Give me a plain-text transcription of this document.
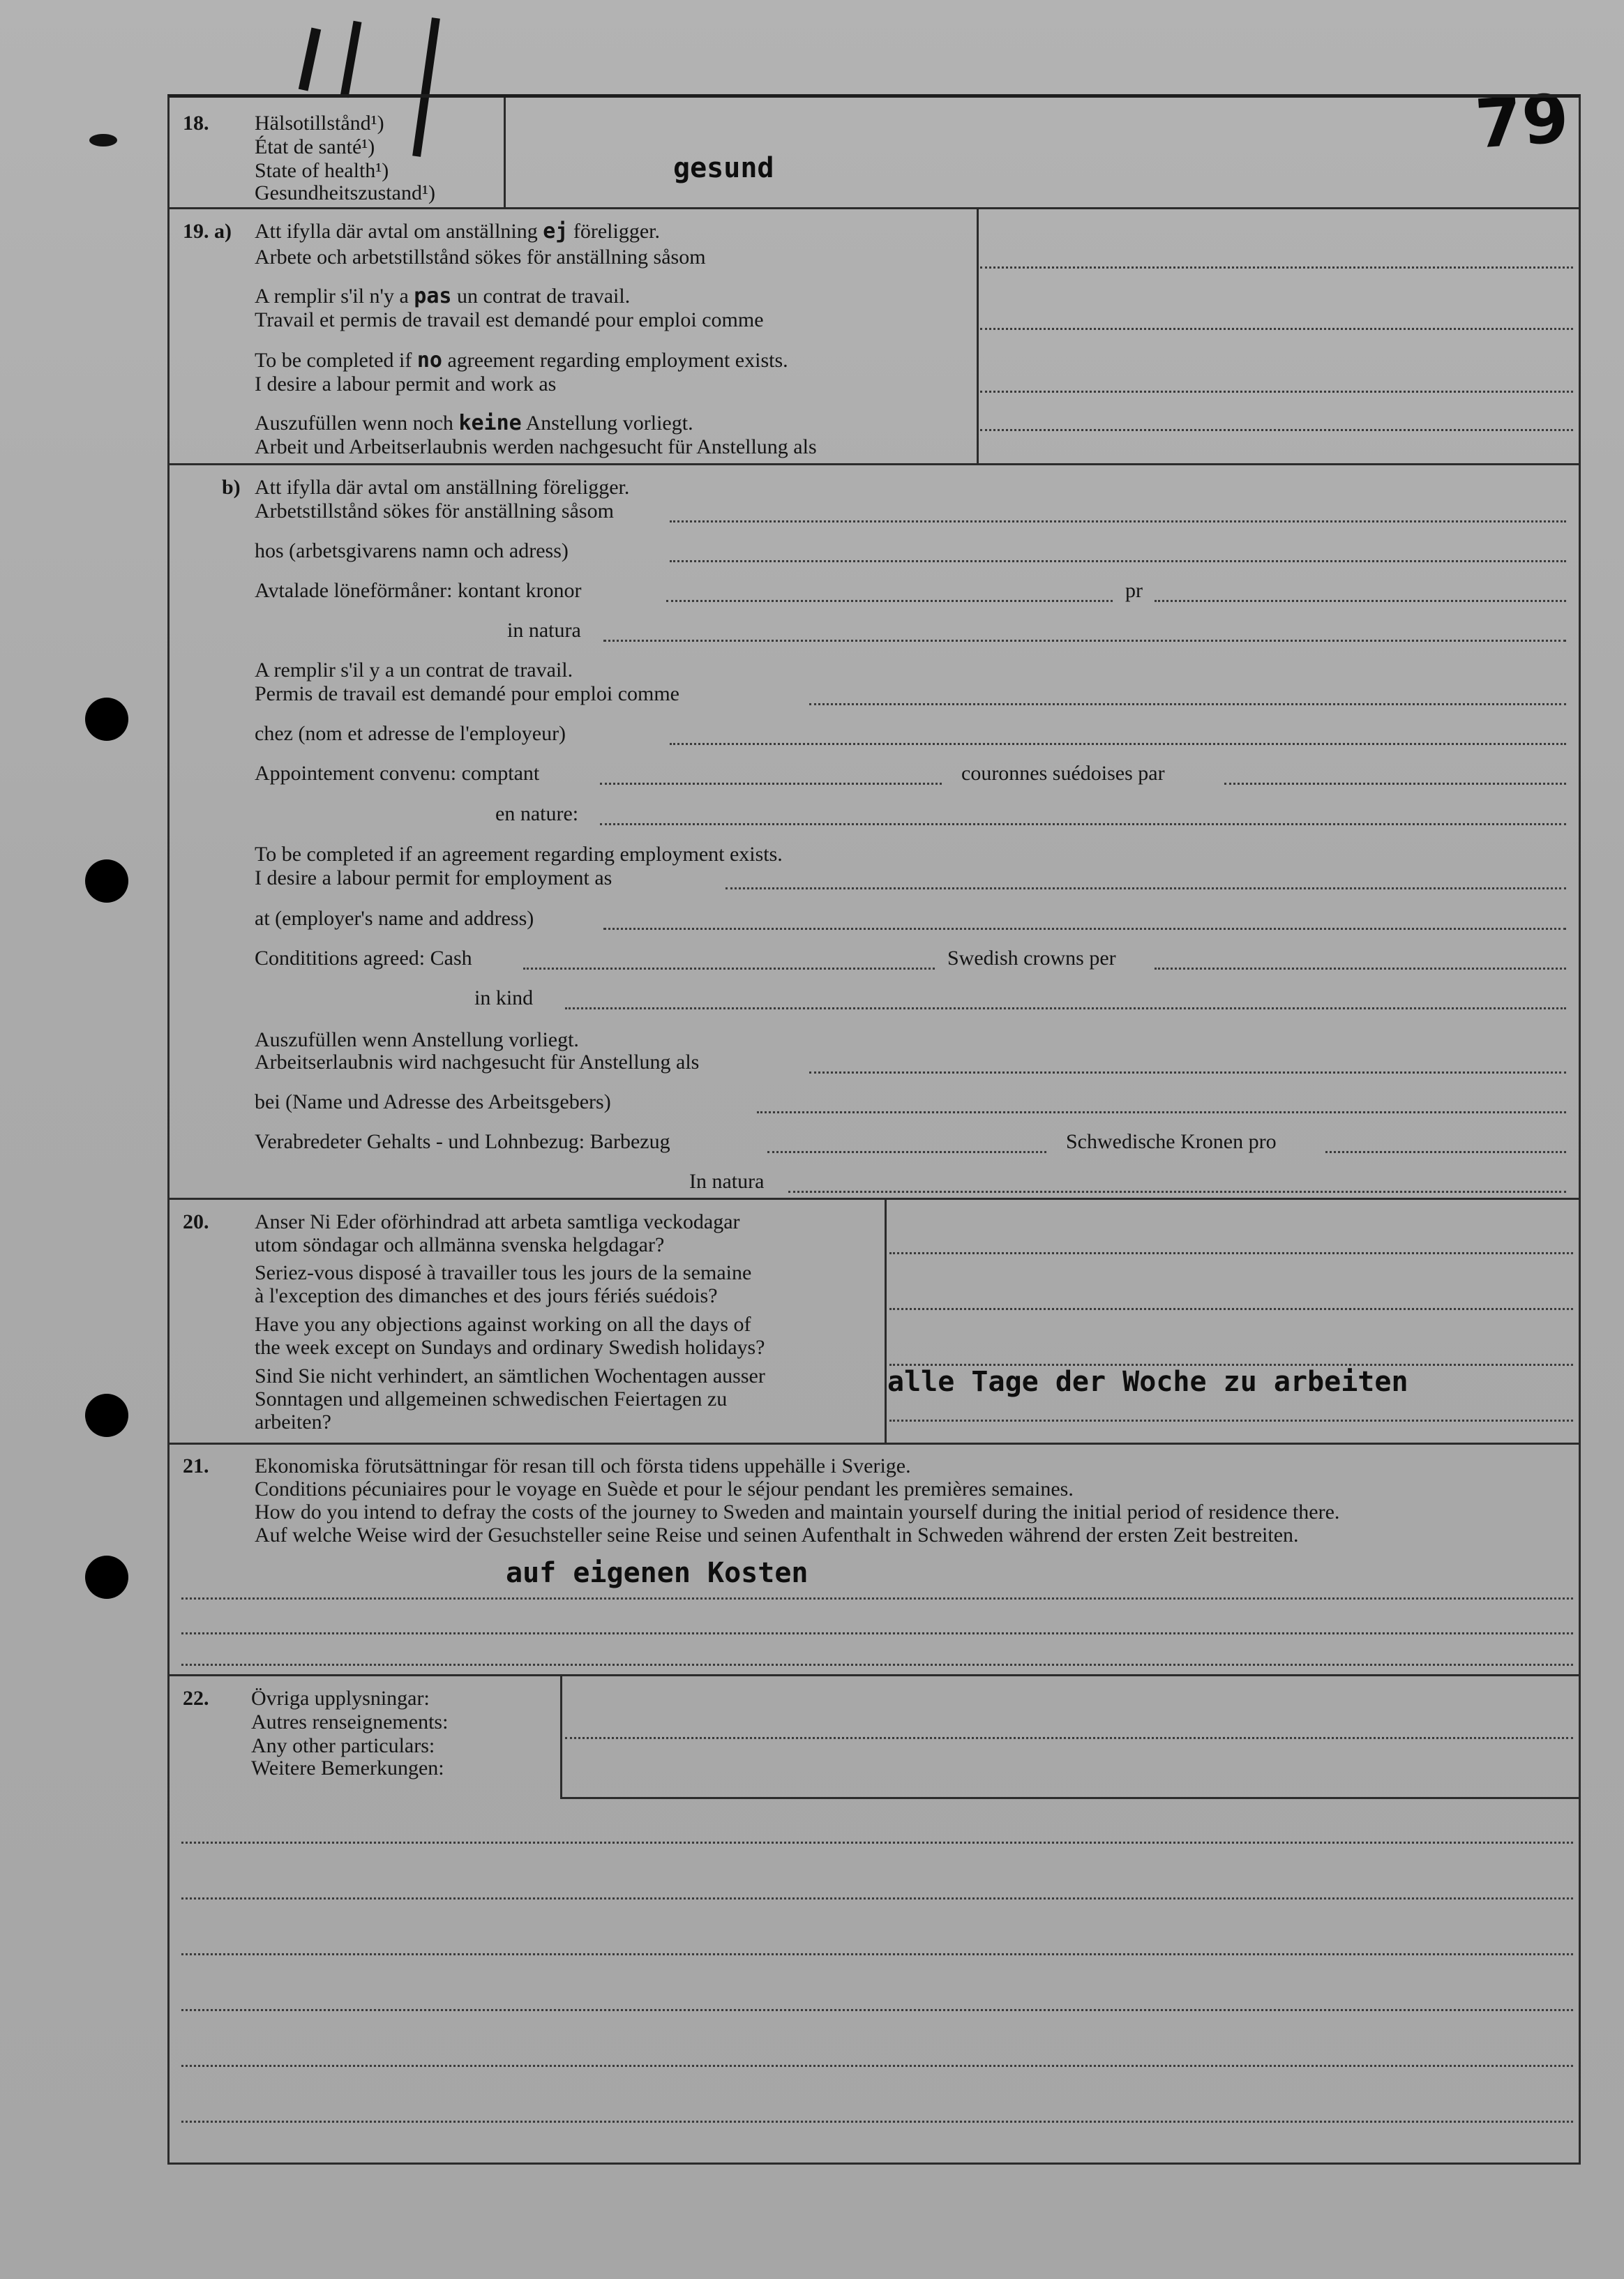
79
18. Hälsotillstånd¹)
État de santé¹)
State of health¹)
Gesundheitszustand¹)
gesund
19. a) Att ifylla där avtal om anställning ej föreligger.
Arbete och arbetstillstånd sökes för anställning såsom
A remplir s'il n'y a pas un contrat de travail.
Travail et permis de travail est demandé pour emploi comme
To be completed if no agreement regarding employment exists.
I desire a labour permit and work as
Auszufüllen wenn noch keine Anstellung vorliegt.
Arbeit und Arbeitserlaubnis werden nachgesucht für Anstellung als
b) Att ifylla där avtal om anställning föreligger.
Arbetstillstånd sökes för anställning såsom
hos (arbetsgivarens namn och adress)
Avtalade löneförmåner: kontant kronor	pr
in natura
A remplir s'il y a un contrat de travail.
Permis de travail est demandé pour emploi comme
chez (nom et adresse de l'employeur)
Appointement convenu: comptant	couronnes suédoises par
en nature:
To be completed if an agreement regarding employment exists.
I desire a labour permit for employment as
at (employer's name and address)
Condititions agreed: Cash	Swedish crowns per
in kind
Auszufüllen wenn Anstellung vorliegt.
Arbeitserlaubnis wird nachgesucht für Anstellung als
bei (Name und Adresse des Arbeitsgebers)
Verabredeter Gehalts - und Lohnbezug: Barbezug	Schwedische Kronen pro
In natura
20. Anser Ni Eder oförhindrad att arbeta samtliga veckodagar
utom söndagar och allmänna svenska helgdagar?
Seriez-vous disposé à travailler tous les jours de la semaine
à l'exception des dimanches et des jours fériés suédois?
Have you any objections against working on all the days of
the week except on Sundays and ordinary Swedish holidays?
Sind Sie nicht verhindert, an sämtlichen Wochentagen ausser
Sonntagen und allgemeinen schwedischen Feiertagen zu
arbeiten?
alle Tage der Woche zu arbeiten
21. Ekonomiska förutsättningar för resan till och första tidens uppehälle i Sverige.
Conditions pécuniaires pour le voyage en Suède et pour le séjour pendant les premières semaines.
How do you intend to defray the costs of the journey to Sweden and maintain yourself during the initial period of residence there.
Auf welche Weise wird der Gesuchsteller seine Reise und seinen Aufenthalt in Schweden während der ersten Zeit bestreiten.
auf eigenen Kosten
22. Övriga upplysningar:
Autres renseignements:
Any other particulars:
Weitere Bemerkungen:
